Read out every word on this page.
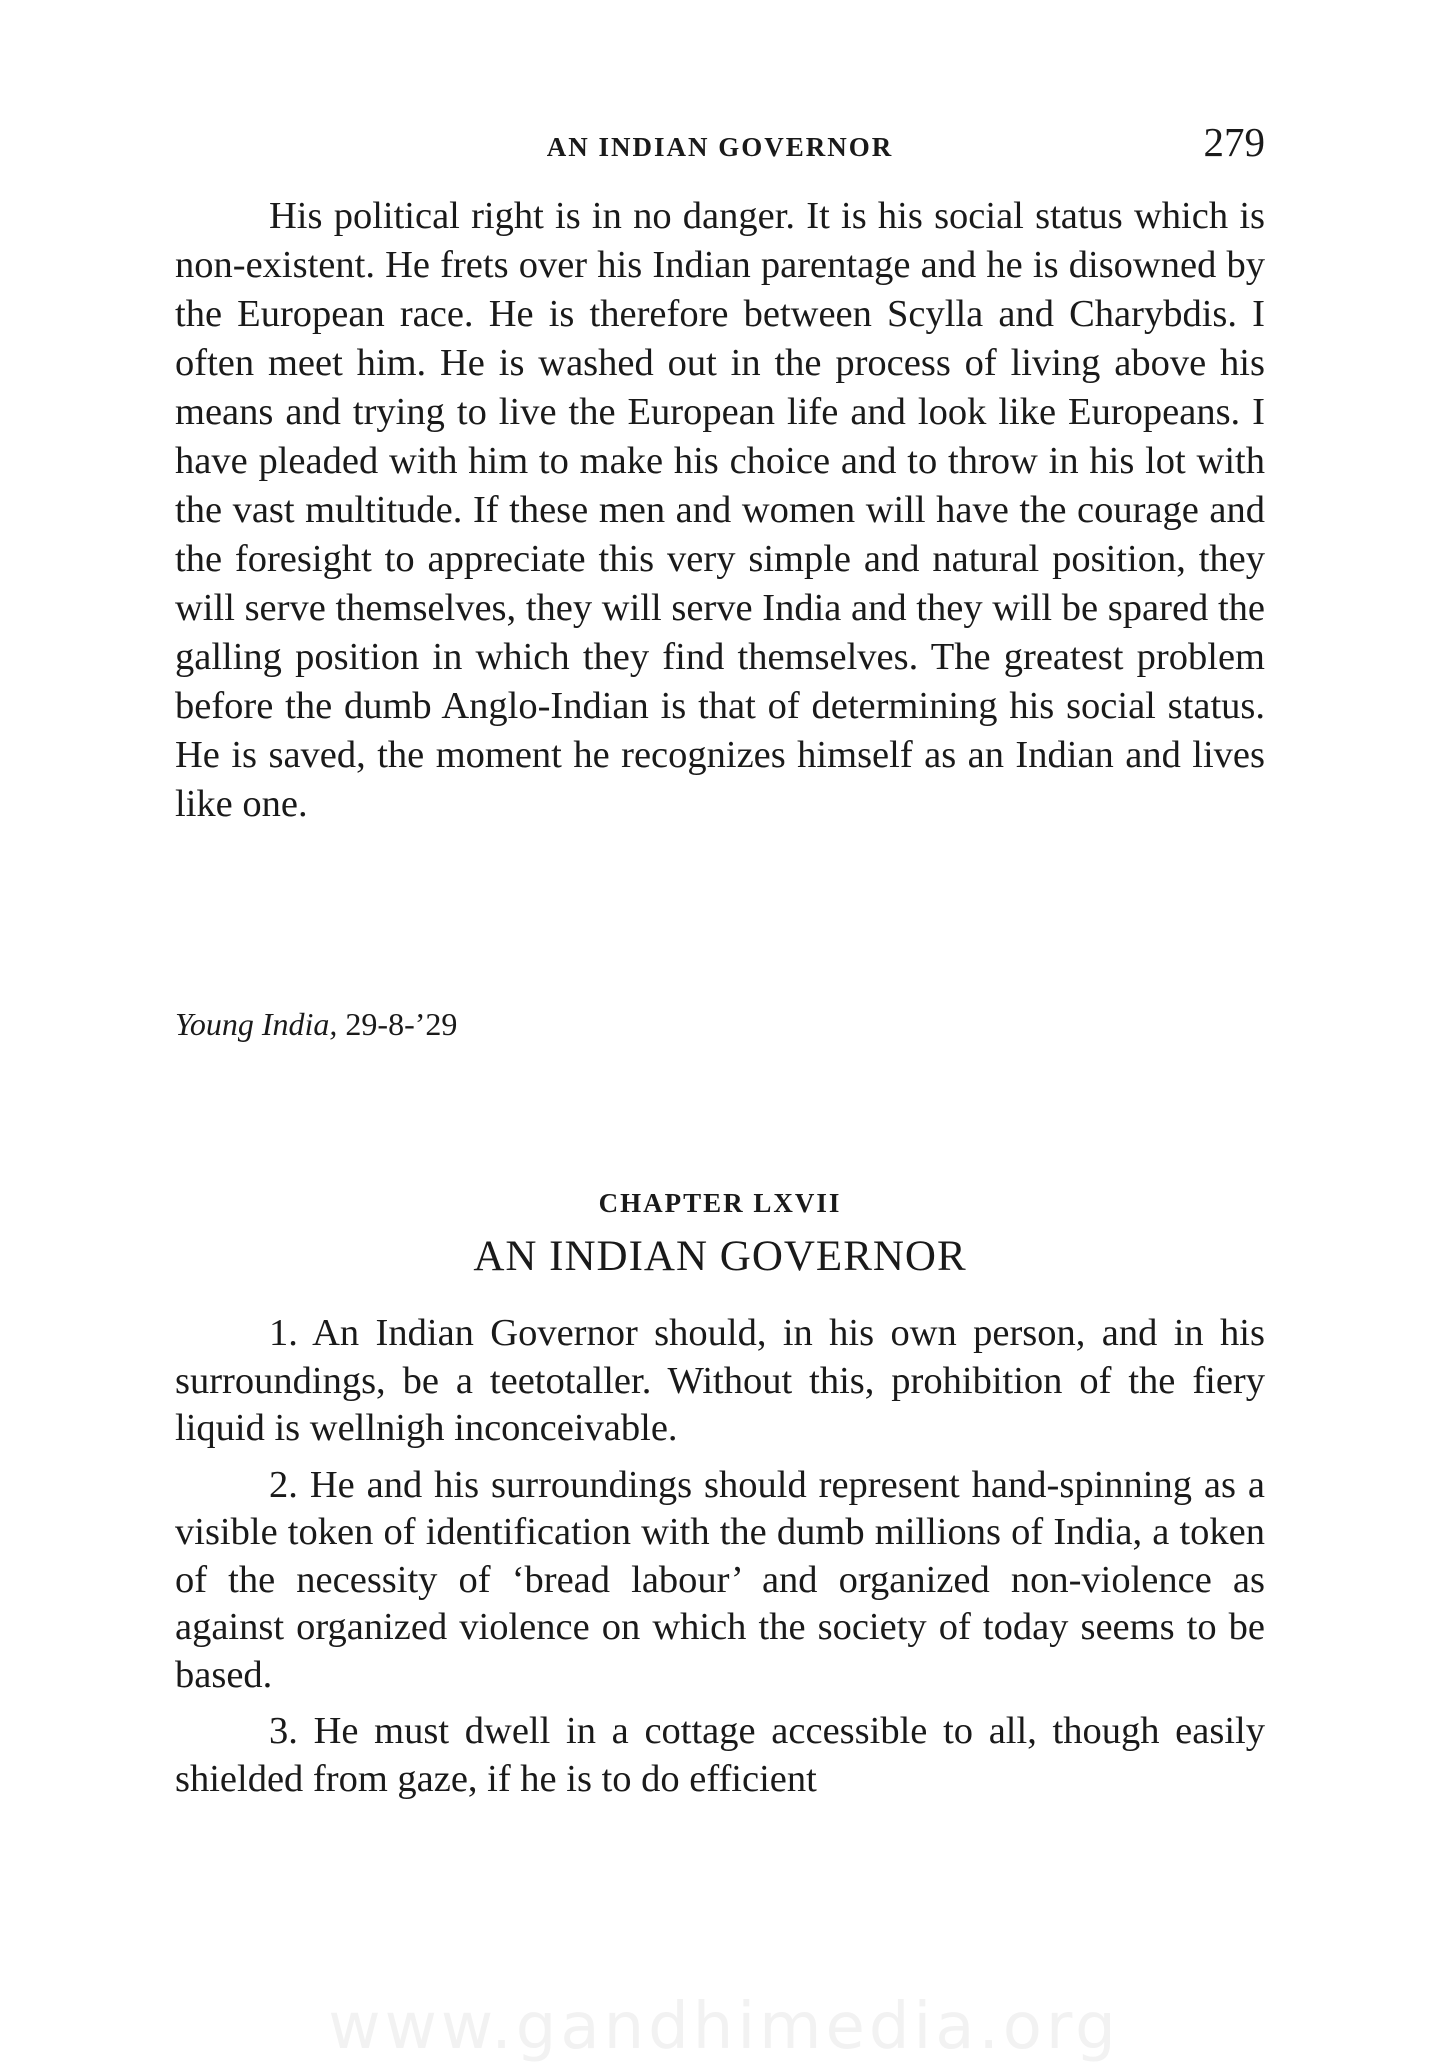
AN INDIAN GOVERNOR	279

His political right is in no danger. It is his social status which is non-existent. He frets over his Indian parentage and he is disowned by the European race. He is therefore between Scylla and Charybdis. I often meet him. He is washed out in the process of living above his means and trying to live the European life and look like Europeans. I have pleaded with him to make his choice and to throw in his lot with the vast multitude. If these men and women will have the courage and the foresight to appreciate this very simple and natural position, they will serve themselves, they will serve India and they will be spared the galling position in which they find themselves. The greatest problem before the dumb Anglo-Indian is that of determining his social status. He is saved, the moment he recognizes himself as an Indian and lives like one.

Young India, 29-8-’29
CHAPTER LXVII
AN INDIAN GOVERNOR

1. An Indian Governor should, in his own person, and in his surroundings, be a teetotaller. Without this, prohibition of the fiery liquid is wellnigh inconceivable.

2. He and his surroundings should represent hand-spinning as a visible token of identification with the dumb millions of India, a token of the necessity of ‘bread labour’ and organized non-violence as against organized violence on which the society of today seems to be based.

3. He must dwell in a cottage accessible to all, though easily shielded from gaze, if he is to do efficient

www.gandhimedia.org
